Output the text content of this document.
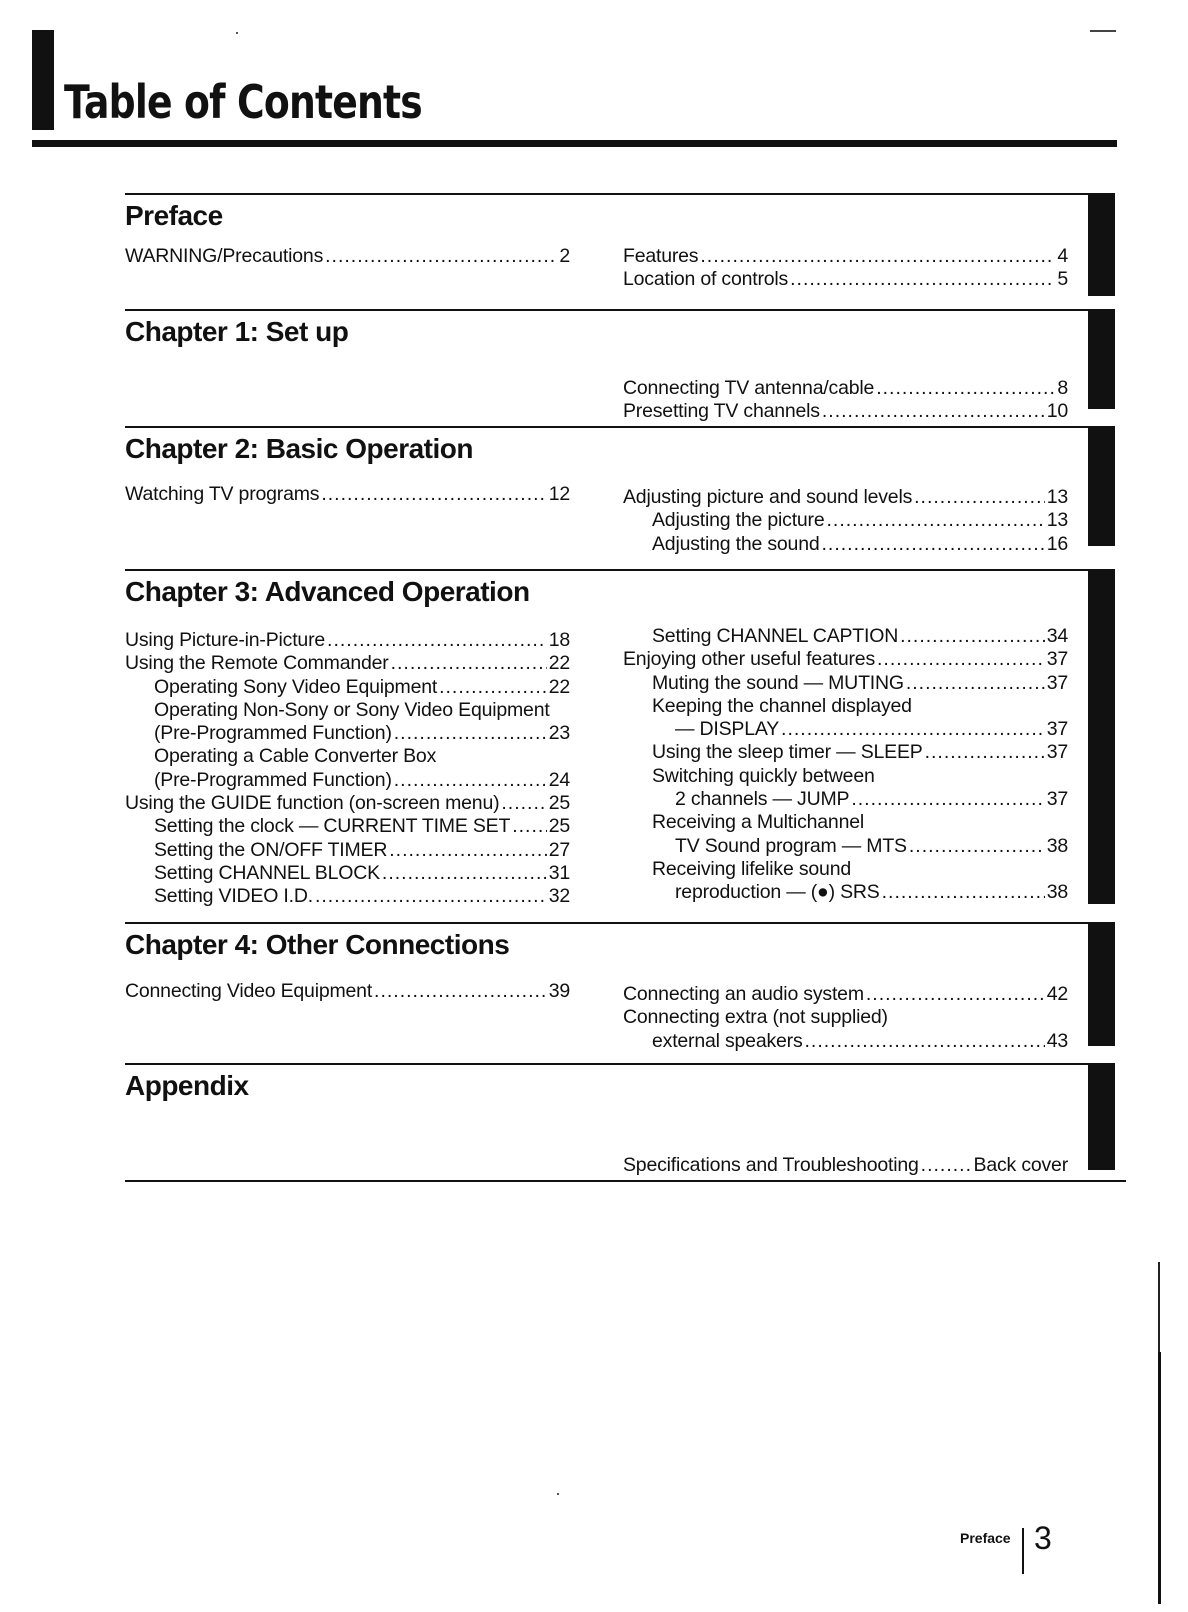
Table of Contents
Preface
WARNING/Precautions .....	2	Features .....	4
Location of controls .....	5
Chapter 1: Set up
Connecting TV antenna/cable .....	8
Presetting TV channels .....	10
Chapter 2: Basic Operation
Watching TV programs .....	12	Adjusting picture and sound levels .....	13
Adjusting the picture .....	13
Adjusting the sound .....	16
Chapter 3: Advanced Operation
Using Picture-in-Picture .....	18
Using the Remote Commander .....	22
Operating Sony Video Equipment .....	22
Operating Non-Sony or Sony Video Equipment
(Pre-Programmed Function) .....	23
Operating a Cable Converter Box
(Pre-Programmed Function) .....	24
Using the GUIDE function (on-screen menu) .....	25
Setting the clock — CURRENT TIME SET ..... 25
Setting the ON/OFF TIMER .....	27
Setting CHANNEL BLOCK .....	31
Setting VIDEO I.D. .....	32
Setting CHANNEL CAPTION .....	34
Enjoying other useful features .....	37
Muting the sound — MUTING .....	37
Keeping the channel displayed
— DISPLAY .....	37
Using the sleep timer — SLEEP .....	37
Switching quickly between
2 channels — JUMP .....	37
Receiving a Multichannel
TV Sound program — MTS .....	38
Receiving lifelike sound
reproduction — (●) SRS .....	38
Chapter 4: Other Connections
Connecting Video Equipment .....	39	Connecting an audio system .....	42
Connecting extra (not supplied)
external speakers .....	43
Appendix
Specifications and Troubleshooting .....	Back cover
Preface 3
